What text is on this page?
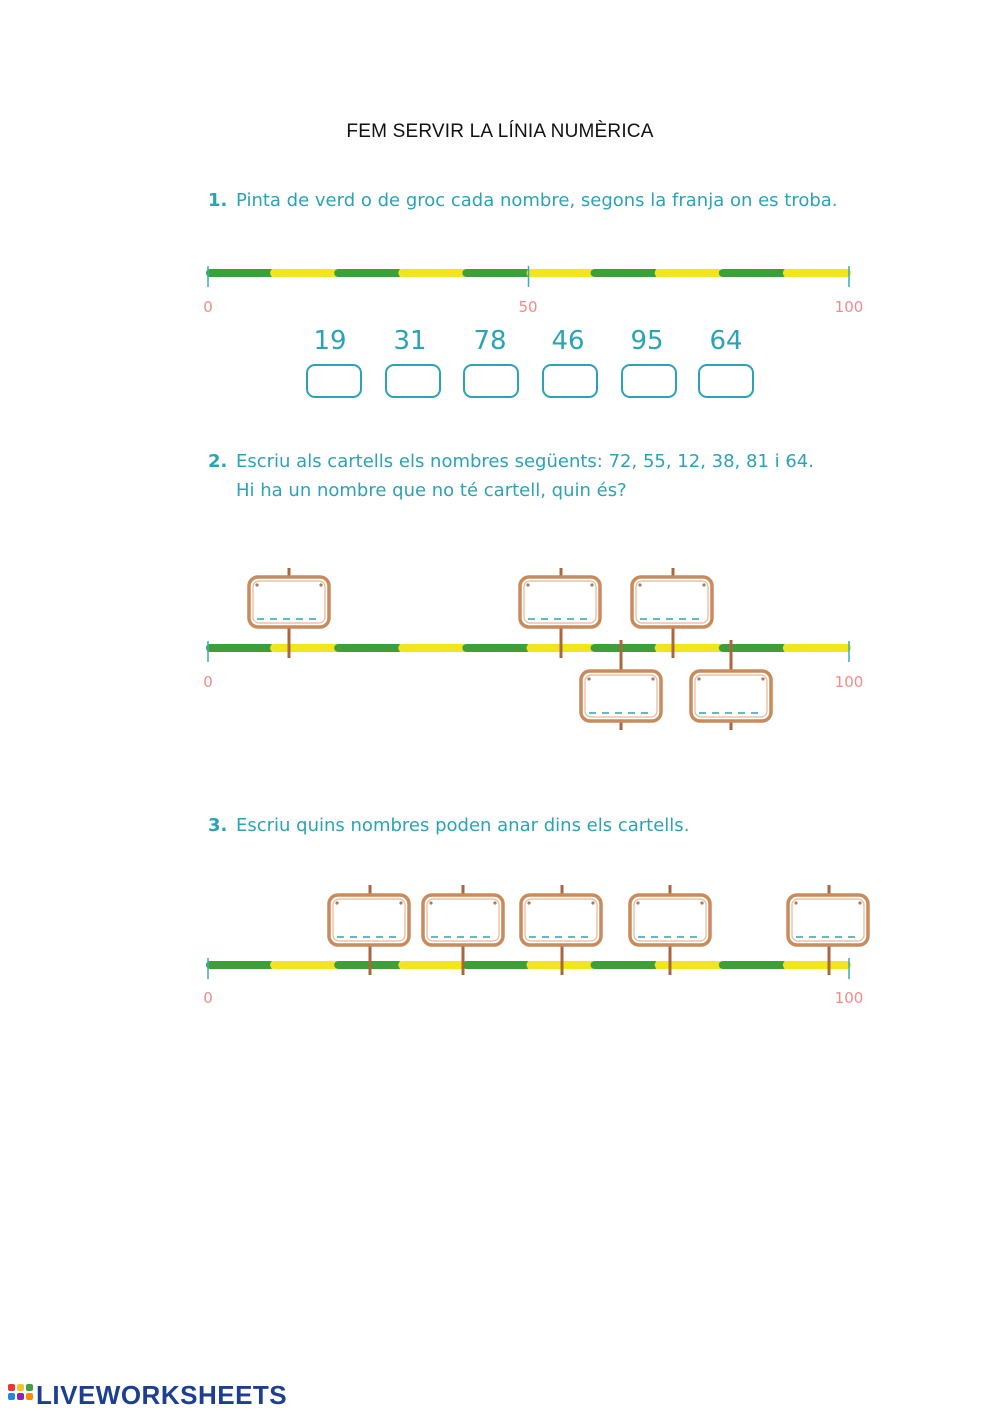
FEM SERVIR LA LÍNIA NUMÈRICA
1. Pinta de verd o de groc cada nombre, segons la franja on es troba.
19	31	78	46	95	64
2. Escriu als cartells els nombres següents: 72, 55, 12, 38, 81 i 64.
Hi ha un nombre que no té cartell, quin és?
3. Escriu quins nombres poden anar dins els cartells.
0	50	100
0	100
0	100
LIVEWORKSHEETS
